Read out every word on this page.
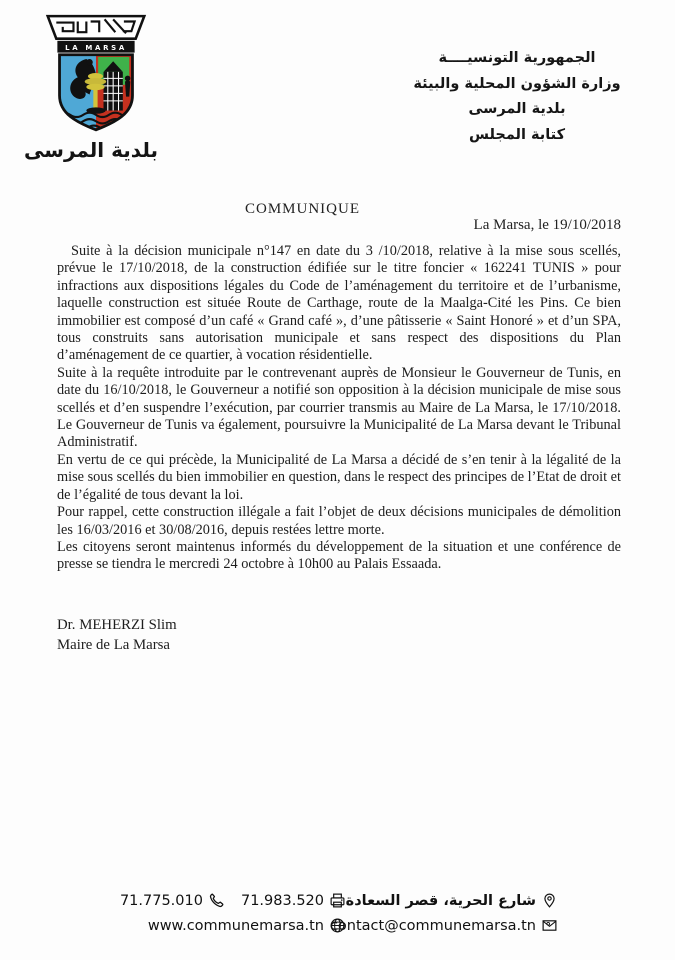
LA MARSA
بلدية المرسى
الجمهورية التونسيــــة
وزارة الشؤون المحلية والبيئة
بلدية المرسى
كتابة المجلس
COMMUNIQUE
La Marsa, le 19/10/2018

Suite à la décision municipale n°147 en date du 3 /10/2018, relative à la mise sous scellés, prévue le 17/10/2018, de la construction édifiée sur le titre foncier « 162241 TUNIS » pour infractions aux dispositions légales du Code de l’aménagement du territoire et de l’urbanisme, laquelle construction est située Route de Carthage, route de la Maalga-Cité les Pins. Ce bien immobilier est composé d’un café « Grand café », d’une pâtisserie « Saint Honoré » et d’un SPA, tous construits sans autorisation municipale et sans respect des dispositions du Plan d’aménagement de ce quartier, à vocation résidentielle.

Suite à la requête introduite par le contrevenant auprès de Monsieur le Gouverneur de Tunis, en date du 16/10/2018, le Gouverneur a notifié son opposition à la décision municipale de mise sous scellés et d’en suspendre l’exécution, par courrier transmis au Maire de La Marsa, le 17/10/2018. Le Gouverneur de Tunis va également, poursuivre la Municipalité de La Marsa devant le Tribunal Administratif.

En vertu de ce qui précède, la Municipalité de La Marsa a décidé de s’en tenir à la légalité de la mise sous scellés du bien immobilier en question, dans le respect des principes de l’Etat de droit et de l’égalité de tous devant la loi.

Pour rappel, cette construction illégale a fait l’objet de deux décisions municipales de démolition les 16/03/2016 et 30/08/2016, depuis restées lettre morte.

Les citoyens seront maintenus informés du développement de la situation et une conférence de presse se tiendra le mercredi 24 octobre à 10h00 au Palais Essaada.

Dr. MEHERZI Slim
Maire de La Marsa
71.775.010	71.983.520
www.communemarsa.tn
شارع الحرية، قصر السعادة
contact@communemarsa.tn
